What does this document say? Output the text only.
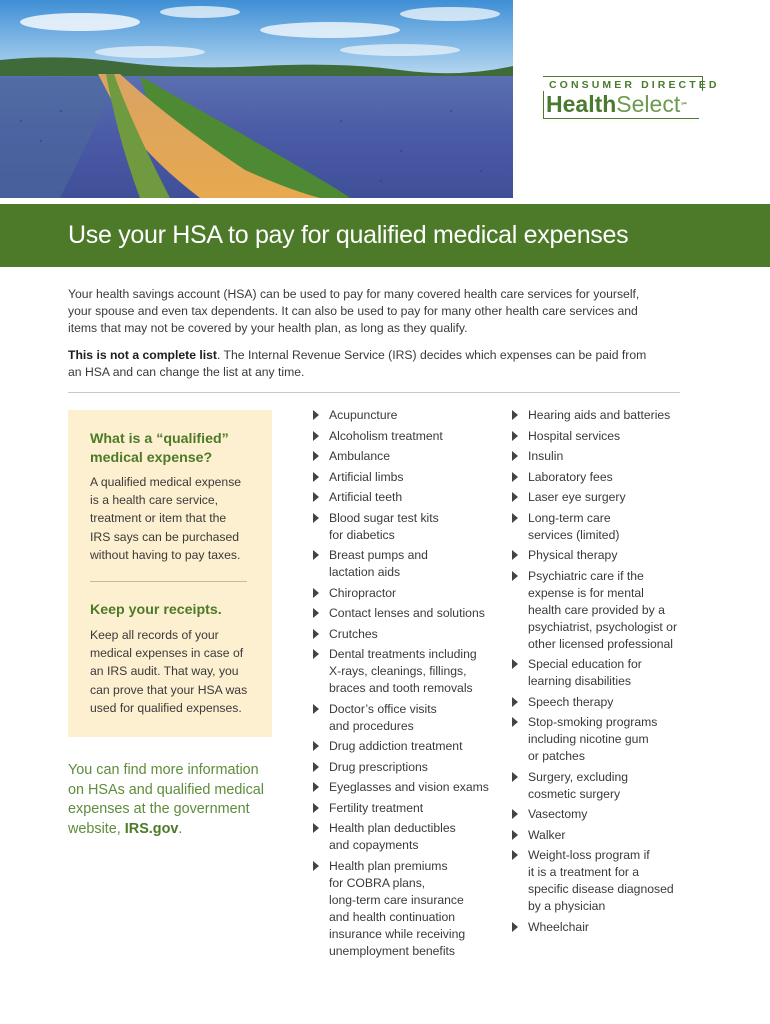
CONSUMER DIRECTED
HealthSelect℠
Use your HSA to pay for qualified medical expenses
Your health savings account (HSA) can be used to pay for many covered health care services for yourself,
your spouse and even tax dependents. It can also be used to pay for many other health care services and
items that may not be covered by your health plan, as long as they qualify.
This is not a complete list. The Internal Revenue Service (IRS) decides which expenses can be paid from
an HSA and can change the list at any time.
What is a “qualified”
medical expense?
A qualified medical expense
is a health care service,
treatment or item that the
IRS says can be purchased
without having to pay taxes.
Keep your receipts.
Keep all records of your
medical expenses in case of
an IRS audit. That way, you
can prove that your HSA was
used for qualified expenses.
You can find more information
on HSAs and qualified medical
expenses at the government
website, IRS.gov.
Acupuncture
Alcoholism treatment
Ambulance
Artificial limbs
Artificial teeth
Blood sugar test kits
for diabetics
Breast pumps and
lactation aids
Chiropractor
Contact lenses and solutions
Crutches
Dental treatments including
X-rays, cleanings, fillings,
braces and tooth removals
Doctor’s office visits
and procedures
Drug addiction treatment
Drug prescriptions
Eyeglasses and vision exams
Fertility treatment
Health plan deductibles
and copayments
Health plan premiums
for COBRA plans,
long-term care insurance
and health continuation
insurance while receiving
unemployment benefits
Hearing aids and batteries
Hospital services
Insulin
Laboratory fees
Laser eye surgery
Long-term care
services (limited)
Physical therapy
Psychiatric care if the
expense is for mental
health care provided by a
psychiatrist, psychologist or
other licensed professional
Special education for
learning disabilities
Speech therapy
Stop-smoking programs
including nicotine gum
or patches
Surgery, excluding
cosmetic surgery
Vasectomy
Walker
Weight-loss program if
it is a treatment for a
specific disease diagnosed
by a physician
Wheelchair
